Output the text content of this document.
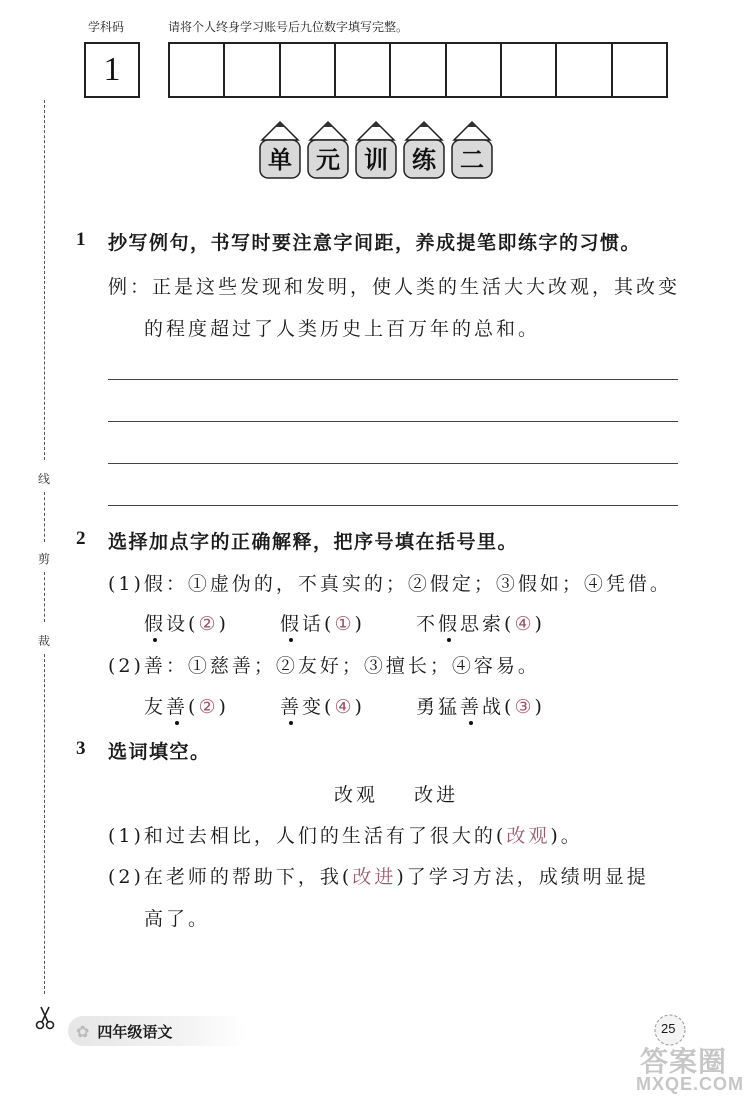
学科码	请将个人终身学习账号后九位数字填写完整。
1
单 元 训 练 二
线
剪
裁
1 抄写例句，书写时要注意字间距，养成提笔即练字的习惯。
例：正是这些发现和发明，使人类的生活大大改观，其改变
的程度超过了人类历史上百万年的总和。
2 选择加点字的正确解释，把序号填在括号里。
(1)假：①虚伪的，不真实的；②假定；③假如；④凭借。
假设(②)	假话(①)	不假思索(④)
(2)善：①慈善；②友好；③擅长；④容易。
友善(②)	善变(④)	勇猛善战(③)
3 选词填空。
改观    改进
(1)和过去相比，人们的生活有了很大的(改观)。
(2)在老师的帮助下，我(改进)了学习方法，成绩明显提
高了。
✿ 四年级语文	25
答案圈
MXQE.COM
